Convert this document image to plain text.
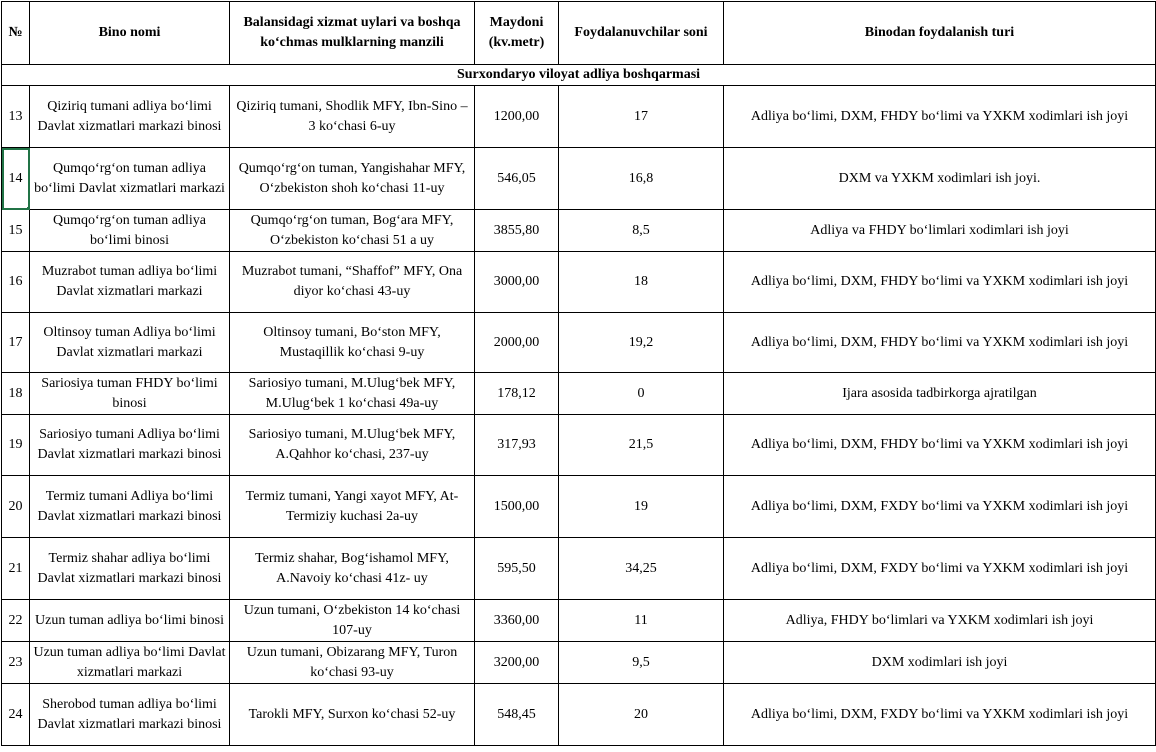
№	Bino nomi	Balansidagi xizmat uylari va boshqa ko‘chmas mulklarning manzili	Maydoni (kv.metr)	Foydalanuvchilar soni	Binodan foydalanish turi
Surxondaryo viloyat adliya boshqarmasi					
13	Qiziriq tumani adliya bo‘limi Davlat xizmatlari markazi binosi	Qiziriq tumani, Shodlik MFY, Ibn-Sino – 3 ko‘chasi 6-uy	1200,00	17	Adliya bo‘limi, DXM, FHDY bo‘limi va YXKM xodimlari ish joyi
14	Qumqo‘rg‘on tuman adliya bo‘limi Davlat xizmatlari markazi	Qumqo‘rg‘on tuman, Yangishahar MFY, O‘zbekiston shoh ko‘chasi 11-uy	546,05	16,8	DXM va YXKM xodimlari ish joyi.
15	Qumqo‘rg‘on tuman adliya bo‘limi binosi	Qumqo‘rg‘on tuman, Bog‘ara MFY, O‘zbekiston ko‘chasi 51 a uy	3855,80	8,5	Adliya va FHDY bo‘limlari xodimlari ish joyi
16	Muzrabot tuman adliya bo‘limi Davlat xizmatlari markazi	Muzrabot tumani, “Shaffof” MFY, Ona diyor ko‘chasi 43-uy	3000,00	18	Adliya bo‘limi, DXM, FHDY bo‘limi va YXKM xodimlari ish joyi
17	Oltinsoy tuman Adliya bo‘limi Davlat xizmatlari markazi	Oltinsoy tumani, Bo‘ston MFY, Mustaqillik ko‘chasi 9-uy	2000,00	19,2	Adliya bo‘limi, DXM, FHDY bo‘limi va YXKM xodimlari ish joyi
18	Sariosiya tuman FHDY bo‘limi binosi	Sariosiyo tumani, M.Ulug‘bek MFY, M.Ulug‘bek 1 ko‘chasi 49a-uy	178,12	0	Ijara asosida tadbirkorga ajratilgan
19	Sariosiyo tumani Adliya bo‘limi Davlat xizmatlari markazi binosi	Sariosiyo tumani, M.Ulug‘bek MFY, A.Qahhor ko‘chasi, 237-uy	317,93	21,5	Adliya bo‘limi, DXM, FHDY bo‘limi va YXKM xodimlari ish joyi
20	Termiz tumani Adliya bo‘limi Davlat xizmatlari markazi binosi	Termiz tumani, Yangi xayot MFY, At-Termiziy kuchasi 2a-uy	1500,00	19	Adliya bo‘limi, DXM, FXDY bo‘limi va YXKM xodimlari ish joyi
21	Termiz shahar adliya bo‘limi Davlat xizmatlari markazi binosi	Termiz shahar, Bog‘ishamol MFY, A.Navoiy ko‘chasi 41z- uy	595,50	34,25	Adliya bo‘limi, DXM, FXDY bo‘limi va YXKM xodimlari ish joyi
22	Uzun tuman adliya bo‘limi binosi	Uzun tumani, O‘zbekiston 14 ko‘chasi 107-uy	3360,00	11	Adliya, FHDY bo‘limlari va YXKM xodimlari ish joyi
23	Uzun tuman adliya bo‘limi Davlat xizmatlari markazi	Uzun tumani, Obizarang MFY, Turon ko‘chasi 93-uy	3200,00	9,5	DXM xodimlari ish joyi
24	Sherobod tuman adliya bo‘limi Davlat xizmatlari markazi binosi	Tarokli MFY, Surxon ko‘chasi 52-uy	548,45	20	Adliya bo‘limi, DXM, FXDY bo‘limi va YXKM xodimlari ish joyi
